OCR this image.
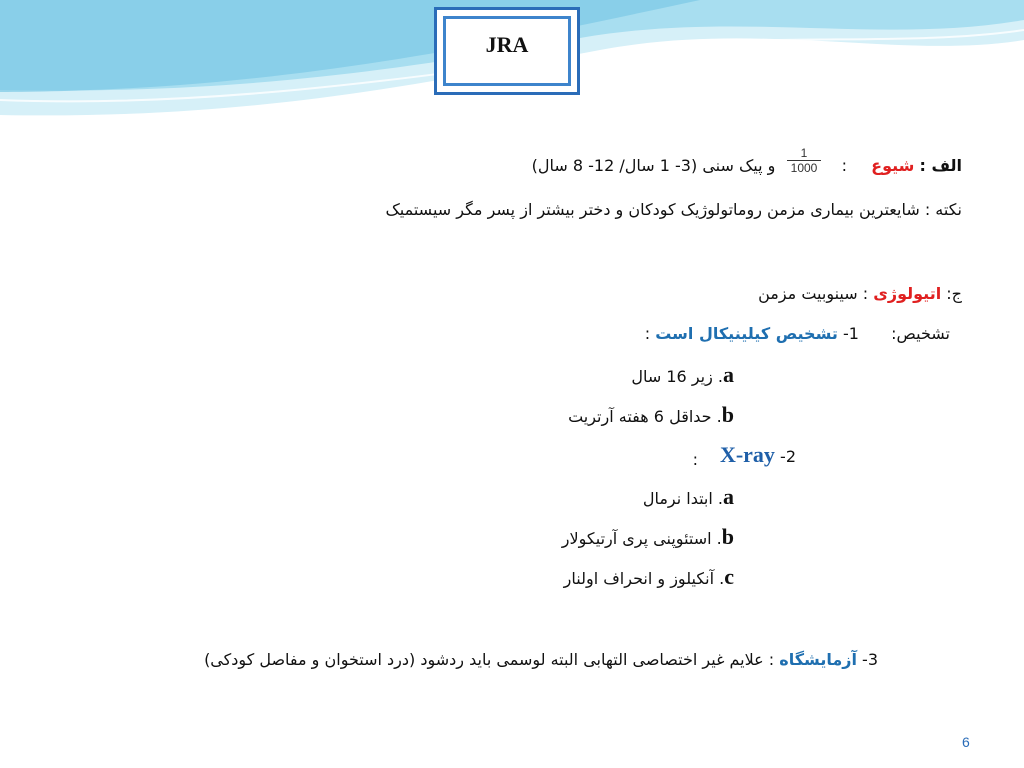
JRA
الف : شیوع  :  و پیک سنی (3- 1 سال/ 12- 8 سال)
1
1000
نکته : شایعترین بیماری مزمن روماتولوژیک کودکان و دختر بیشتر از پسر مگر سیستمیک
ج: اتیولوژی : سینوبیت مزمن
تشخیص:  1- تشخیص کیلینیکال است :
a. زیر 16 سال
b. حداقل 6 هفته آرتریت
2- X-ray
:
a. ابتدا نرمال
b. استئوپنی پری آرتیکولار
c. آنکیلوز و انحراف اولنار
3- آزمایشگاه : علایم غیر اختصاصی التهابی البته لوسمی باید ردشود (درد استخوان و مفاصل کودکی)
6
